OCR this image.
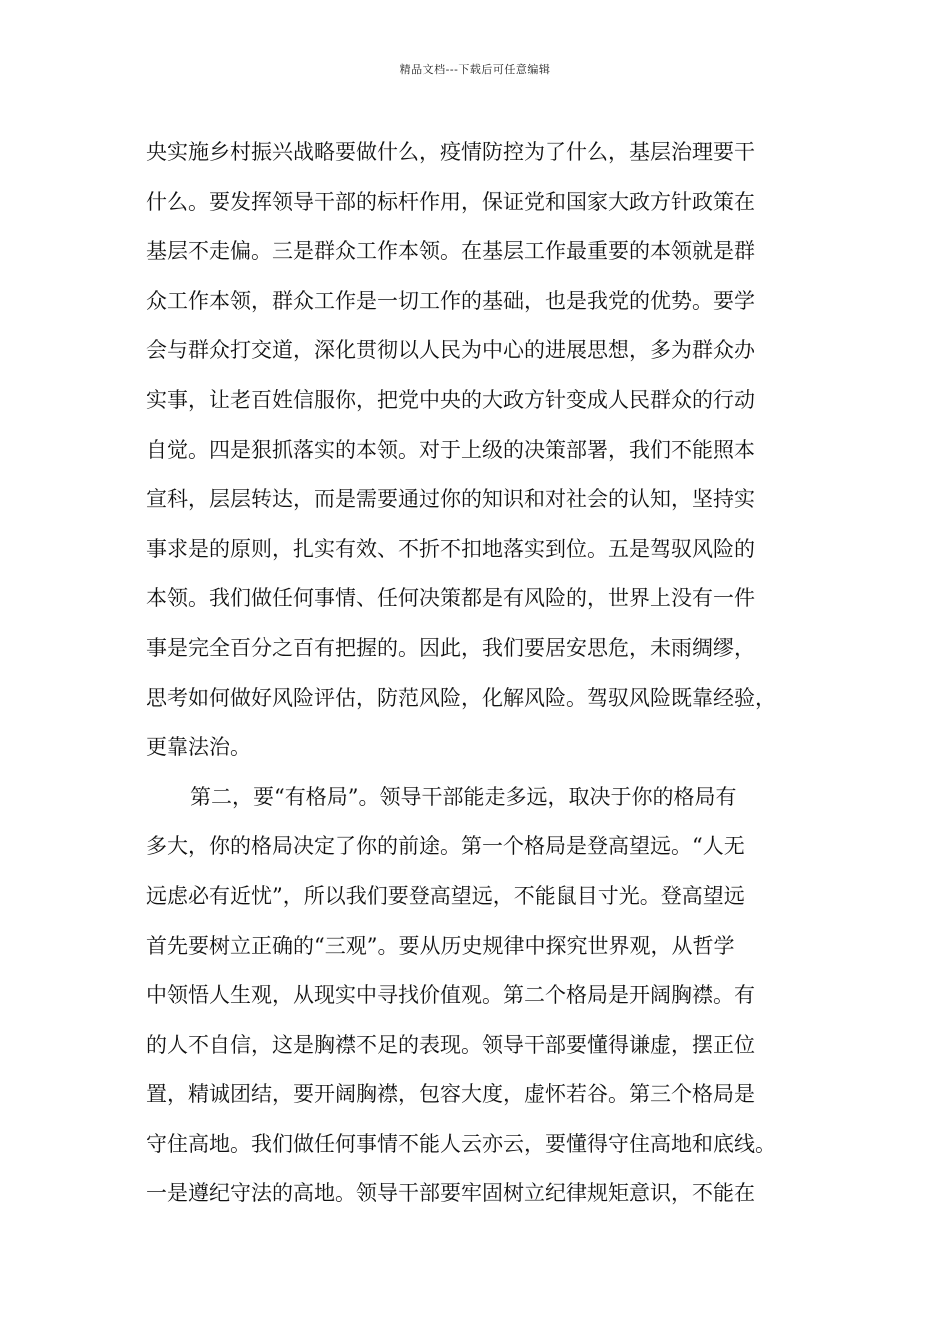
精品文档---下载后可任意编辑
央实施乡村振兴战略要做什么，疫情防控为了什么，基层治理要干
什么。要发挥领导干部的标杆作用，保证党和国家大政方针政策在
基层不走偏。三是群众工作本领。在基层工作最重要的本领就是群
众工作本领，群众工作是一切工作的基础，也是我党的优势。要学
会与群众打交道，深化贯彻以人民为中心的进展思想，多为群众办
实事，让老百姓信服你，把党中央的大政方针变成人民群众的行动
自觉。四是狠抓落实的本领。对于上级的决策部署，我们不能照本
宣科，层层转达，而是需要通过你的知识和对社会的认知，坚持实
事求是的原则，扎实有效、不折不扣地落实到位。五是驾驭风险的
本领。我们做任何事情、任何决策都是有风险的，世界上没有一件
事是完全百分之百有把握的。因此，我们要居安思危，未雨绸缪，
思考如何做好风险评估，防范风险，化解风险。驾驭风险既靠经验，
更靠法治。
第二，要“有格局”。领导干部能走多远，取决于你的格局有
多大，你的格局决定了你的前途。第一个格局是登高望远。“人无
远虑必有近忧”，所以我们要登高望远，不能鼠目寸光。登高望远
首先要树立正确的“三观”。要从历史规律中探究世界观，从哲学
中领悟人生观，从现实中寻找价值观。第二个格局是开阔胸襟。有
的人不自信，这是胸襟不足的表现。领导干部要懂得谦虚，摆正位
置，精诚团结，要开阔胸襟，包容大度，虚怀若谷。第三个格局是
守住高地。我们做任何事情不能人云亦云，要懂得守住高地和底线。
一是遵纪守法的高地。领导干部要牢固树立纪律规矩意识，不能在
